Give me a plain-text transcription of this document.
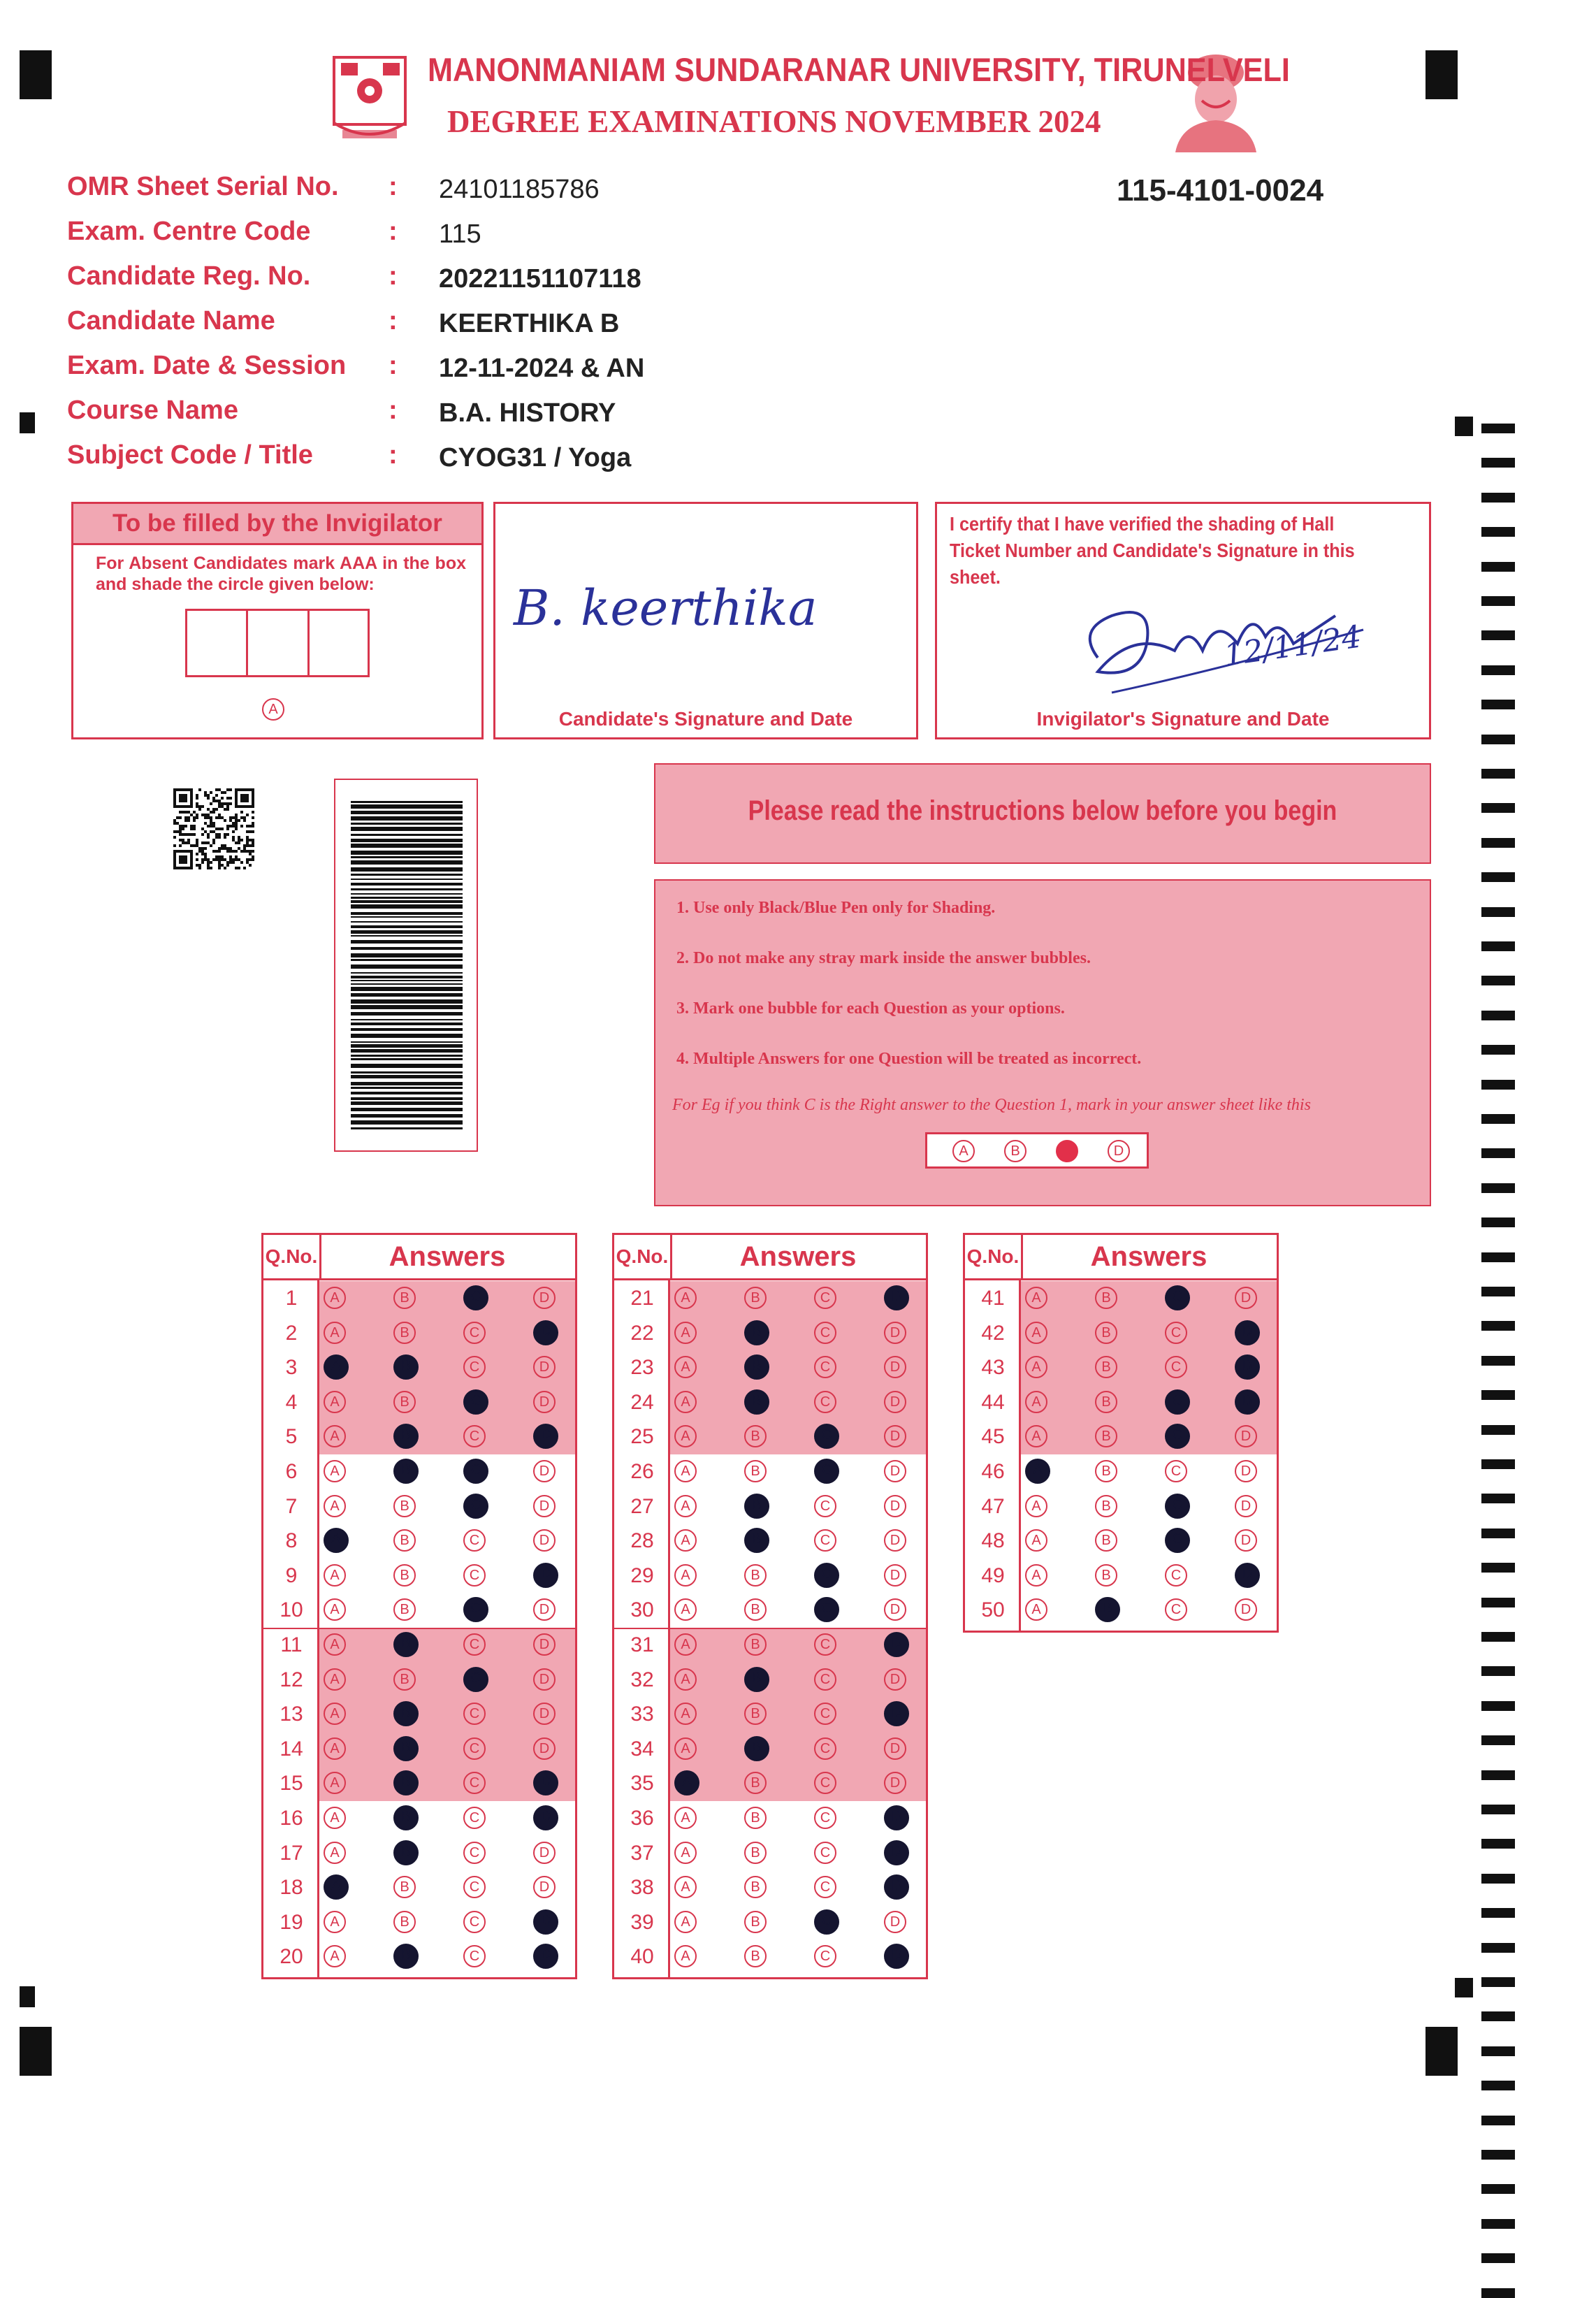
MANONMANIAM SUNDARANAR UNIVERSITY, TIRUNELVELI
DEGREE EXAMINATIONS NOVEMBER 2024
115-4101-0024
OMR Sheet Serial No. : 24101185786
Exam. Centre Code	: 115
Candidate Reg. No.	: 20221151107118
Candidate Name	: KEERTHIKA B
Exam. Date & Session : 12-11-2024 & AN
Course Name	: B.A. HISTORY
Subject Code / Title	: CYOG31 / Yoga
To be filled by the Invigilator
For Absent Candidates mark AAA in the box and shade the circle given below:
A
B. keerthika
Candidate's Signature and Date
I certify that I have verified the shading of Hall Ticket Number and Candidate's Signature in this sheet.
12/11/24
Invigilator's Signature and Date
Please read the instructions below before you begin
1. Use only Black/Blue Pen only for Shading.
2. Do not make any stray mark inside the answer bubbles.
3. Mark one bubble for each Question as your options.
4. Multiple Answers for one Question will be treated as incorrect.
For Eg if you think C is the Right answer to the Question 1, mark in your answer sheet like this
A	B	C	D
Q.No.	Answers
1	A	B	C	D
2	A	B	C	D
3	A	B	C	D
4	A	B	C	D
5	A	B	C	D
6	A	B	C	D
7	A	B	C	D
8	A	B	C	D
9	A	B	C	D
10	A	B	C	D
11	A	B	C	D
12	A	B	C	D
13	A	B	C	D
14	A	B	C	D
15	A	B	C	D
16	A	B	C	D
17	A	B	C	D
18	A	B	C	D
19	A	B	C	D
20	A	B	C	D
Q.No.	Answers
21	A	B	C	D
22	A	B	C	D
23	A	B	C	D
24	A	B	C	D
25	A	B	C	D
26	A	B	C	D
27	A	B	C	D
28	A	B	C	D
29	A	B	C	D
30	A	B	C	D
31	A	B	C	D
32	A	B	C	D
33	A	B	C	D
34	A	B	C	D
35	A	B	C	D
36	A	B	C	D
37	A	B	C	D
38	A	B	C	D
39	A	B	C	D
40	A	B	C	D
Q.No.	Answers
41	A	B	C	D
42	A	B	C	D
43	A	B	C	D
44	A	B	C	D
45	A	B	C	D
46	A	B	C	D
47	A	B	C	D
48	A	B	C	D
49	A	B	C	D
50	A	B	C	D
